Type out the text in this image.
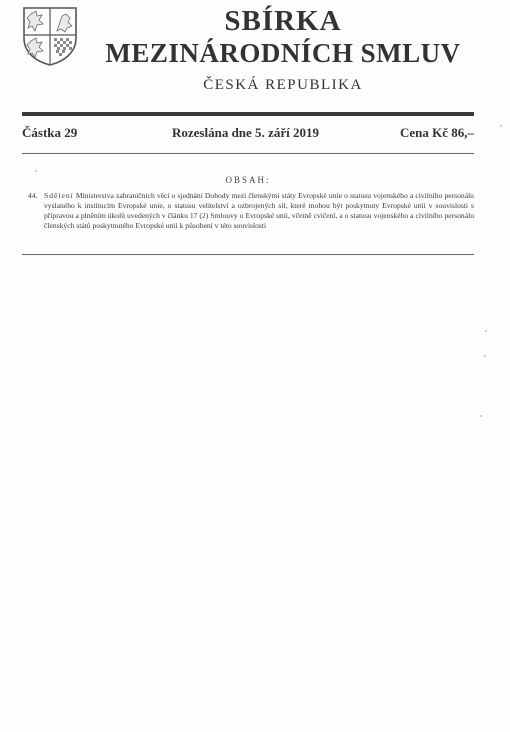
SBÍRKA
MEZINÁRODNÍCH SMLUV
ČESKÁ REPUBLIKA
Částka 29	Rozeslána dne 5. září 2019	Cena Kč 86,–
OBSAH:
44. Sdělení Ministerstva zahraničních věcí o sjednání Dohody mezi členskými státy Evropské unie o statusu vojenského a civilního personálu vyslaného k institucím Evropské unie, o statusu velitelství a ozbrojených sil, které mohou být poskytnuty Evropské unii v souvislosti s přípravou a plněním úkolů uvedených v článku 17 (2) Smlouvy o Evropské unii, včetně cvičení, a o statusu vojenského a civilního personálu členských států poskytnutého Evropské unii k působení v této souvislosti
